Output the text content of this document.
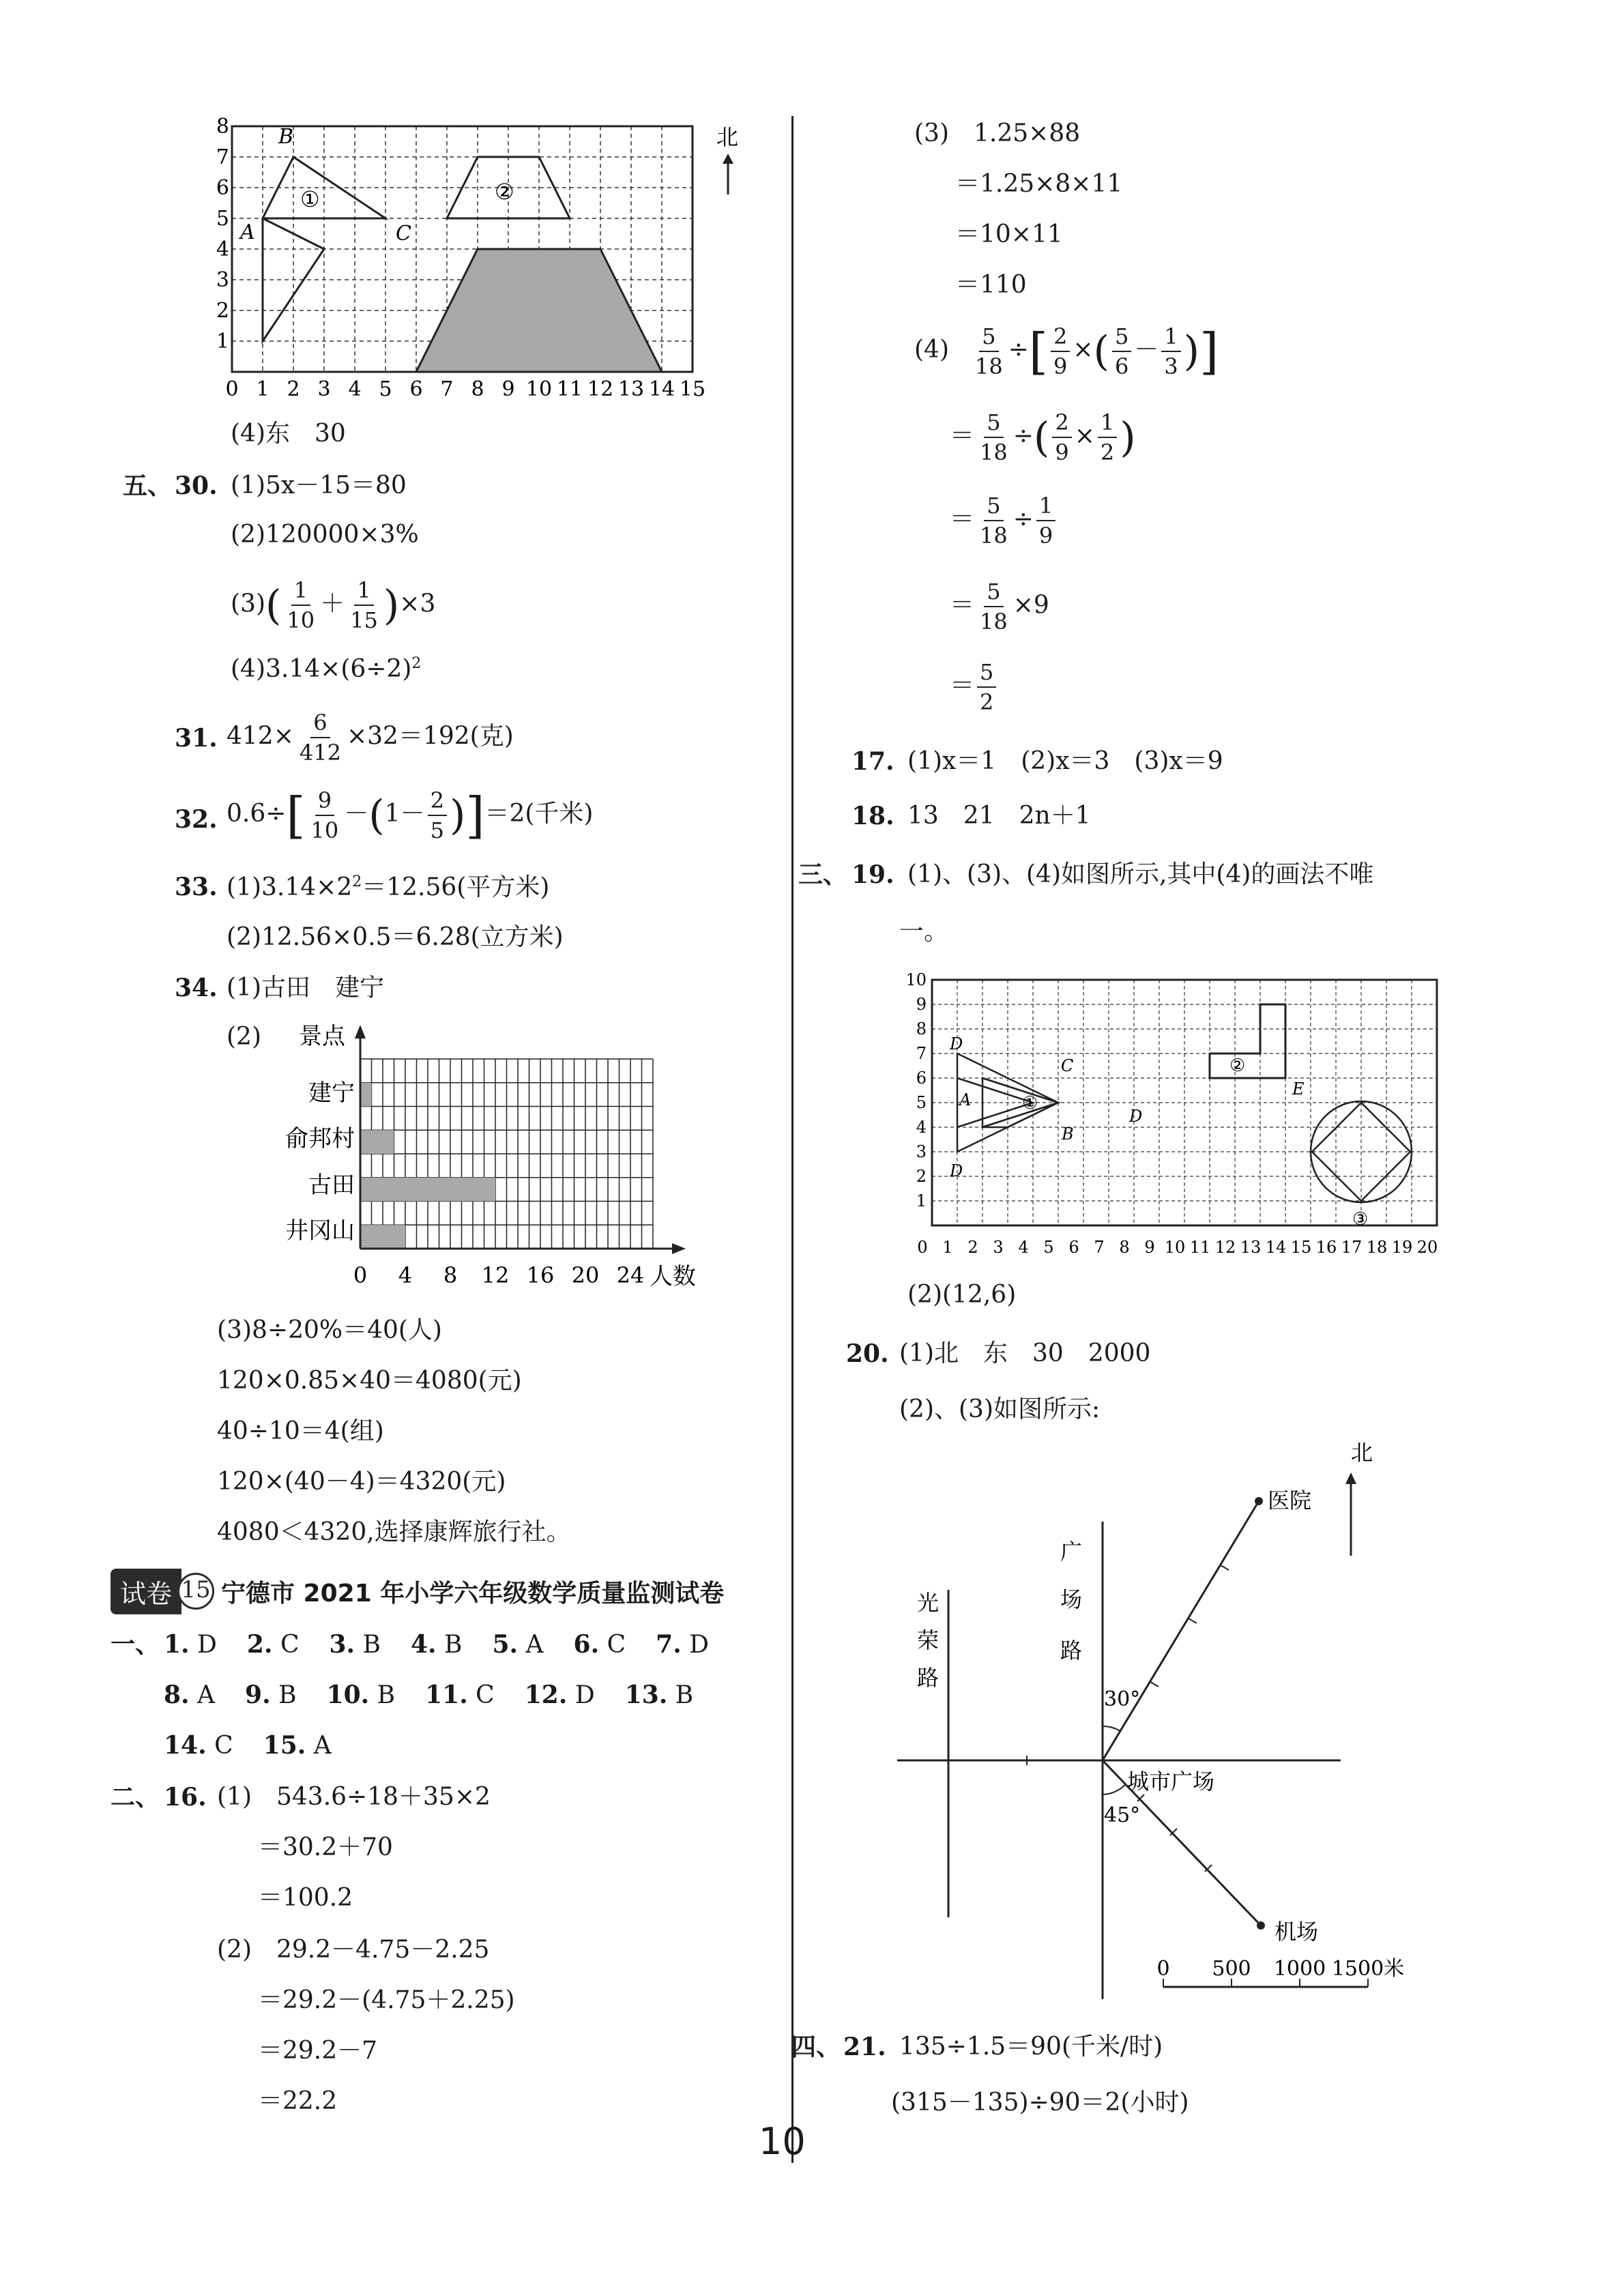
B
A	C
①	②
1
2
3
4
5
6
7
8
0 1 2 3 4 5 6 7 8 9 10 11 12 13 14 15
北
(4)东　30
五、 30. (1)5x－15＝80
(2)120000×3%
$(3)( \frac{1}{10} + \frac{1}{15} )\times 3$
$(4)3.14\times(6\div 2)^2$
31. $412\times \frac{6}{412} \times 32=192$(克)
32. $0.6\div[ \frac{9}{10} -(1- \frac{2}{5} )]=2$(千米)
33. $(1)3.14\times 2^2=12.56$(平方米)
(2)12.56×0.5＝6.28(立方米)
34. (1)古田　建宁
(2) 景点
建宁
俞邦村
古田
井冈山
0 4 8 12 16 20 24 人数
(3)8÷20%＝40(人)
120×0.85×40＝4080(元)
40÷10＝4(组)
120×(40－4)＝4320(元)
4080＜4320,选择康辉旅行社。
试卷 15 宁德市 2021 年小学六年级数学质量监测试卷
一、 1. D 2. C 3. B 4. B 5. A 6. C 7. D
8. A 9. B 10. B 11. C 12. D 13. B
14. C 15. A
二、 16. (1)　543.6÷18＋35×2
＝30.2＋70
＝100.2
(2)　29.2－4.75－2.25
＝29.2－(4.75＋2.25)
＝29.2－7
＝22.2
(3)　1.25×88
＝1.25×8×11
＝10×11
＝110
$(4) \frac{5}{18}$ ÷[ $\frac{2}{9}$ ×( $\frac{5}{6} - \frac{1}{3}$ )]
＝ $\frac{5}{18}$ ÷( $\frac{2}{9} \times \frac{1}{2}$ )
＝ $\frac{5}{18} \div \frac{1}{9}$
＝ $\frac{5}{18} \times 9$
＝ $\frac{5}{2}$
17. (1)x＝1　(2)x＝3　(3)x＝9
18. 13　21　2n＋1
三、 19. (1)、(3)、(4)如图所示,其中(4)的画法不唯
一。
D
C
A
B
D
D
E
①
②
③
1
2
3
4
5
6
7
8
9
10
0 1 2 3 4 5 6 7 8 9 10 11 12 13 14 15 16 17 18 19 20
(2)(12,6)
20. (1)北　东　30　2000
(2)、(3)如图所示:
北
医院
光
荣
路
广
场
路
30°
45°
城市广场
机场
0 500 1000 1500米
四、 21. 135÷1.5＝90(千米/时)
(315－135)÷90＝2(小时)
10
